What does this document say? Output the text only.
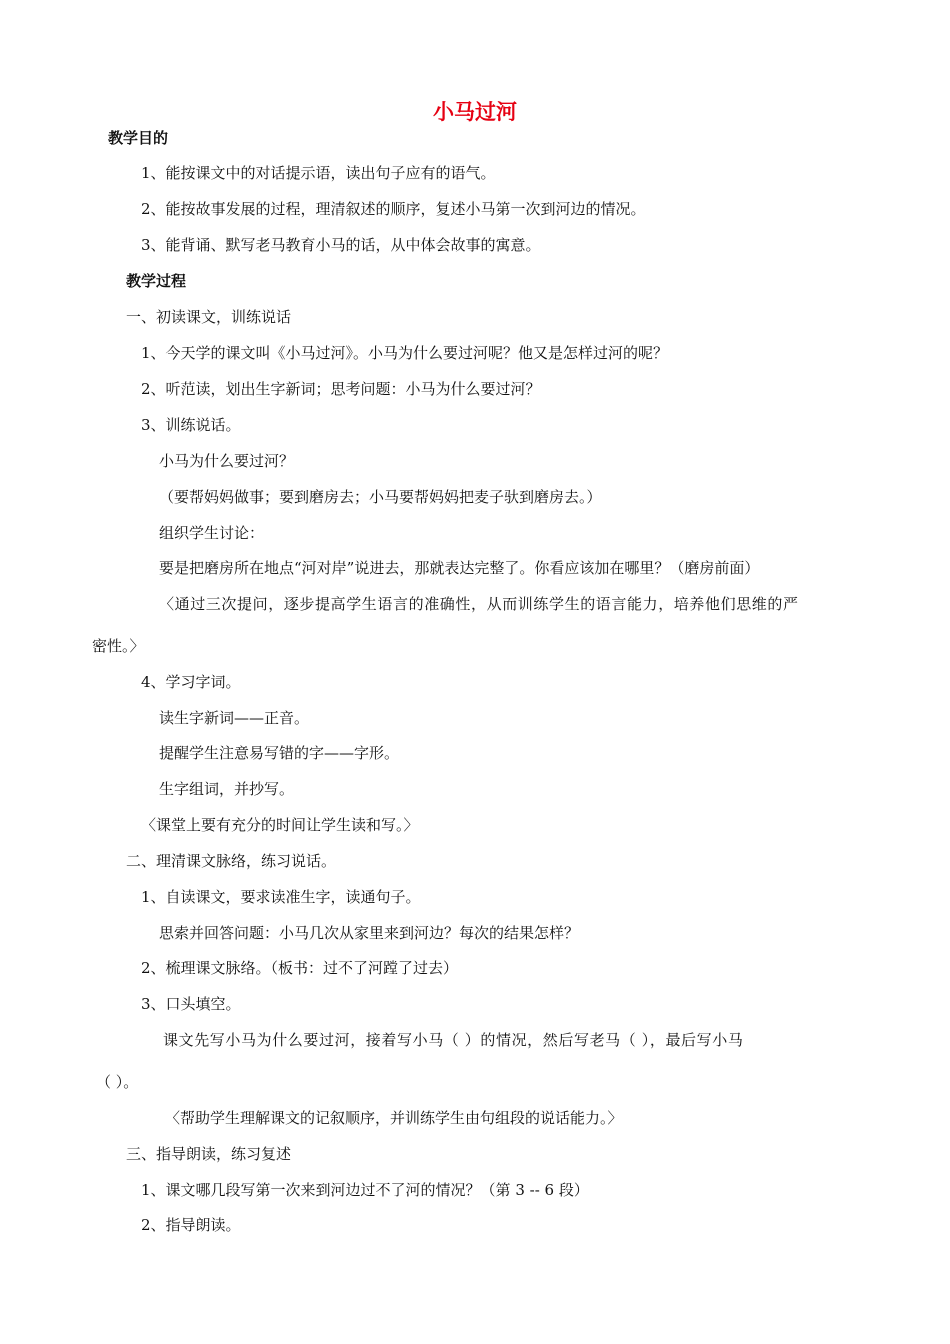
小马过河
教学目的
1、能按课文中的对话提示语，读出句子应有的语气。
2、能按故事发展的过程，理清叙述的顺序，复述小马第一次到河边的情况。
3、能背诵、默写老马教育小马的话，从中体会故事的寓意。
教学过程
一、初读课文，训练说话
1、今天学的课文叫《小马过河》。小马为什么要过河呢？他又是怎样过河的呢？
2、听范读，划出生字新词；思考问题：小马为什么要过河？
3、训练说话。
小马为什么要过河？
（要帮妈妈做事；要到磨房去；小马要帮妈妈把麦子驮到磨房去。）
组织学生讨论：
要是把磨房所在地点“河对岸”说进去，那就表达完整了。你看应该加在哪里？（磨房前面）
〈通过三次提问，逐步提高学生语言的准确性，从而训练学生的语言能力，培养他们思维的严
密性。〉
4、学习字词。
读生字新词——正音。
提醒学生注意易写错的字——字形。
生字组词，并抄写。
〈课堂上要有充分的时间让学生读和写。〉
二、理清课文脉络，练习说话。
1、自读课文，要求读准生字，读通句子。
思索并回答问题：小马几次从家里来到河边？每次的结果怎样？
2、梳理课文脉络。（板书：过不了河蹚了过去）
3、口头填空。
课文先写小马为什么要过河，接着写小马（ ）的情况，然后写老马（ ），最后写小马
（ ）。
〈帮助学生理解课文的记叙顺序，并训练学生由句组段的说话能力。〉
三、指导朗读，练习复述
1、课文哪几段写第一次来到河边过不了河的情况？（第 3 -- 6 段）
2、指导朗读。
